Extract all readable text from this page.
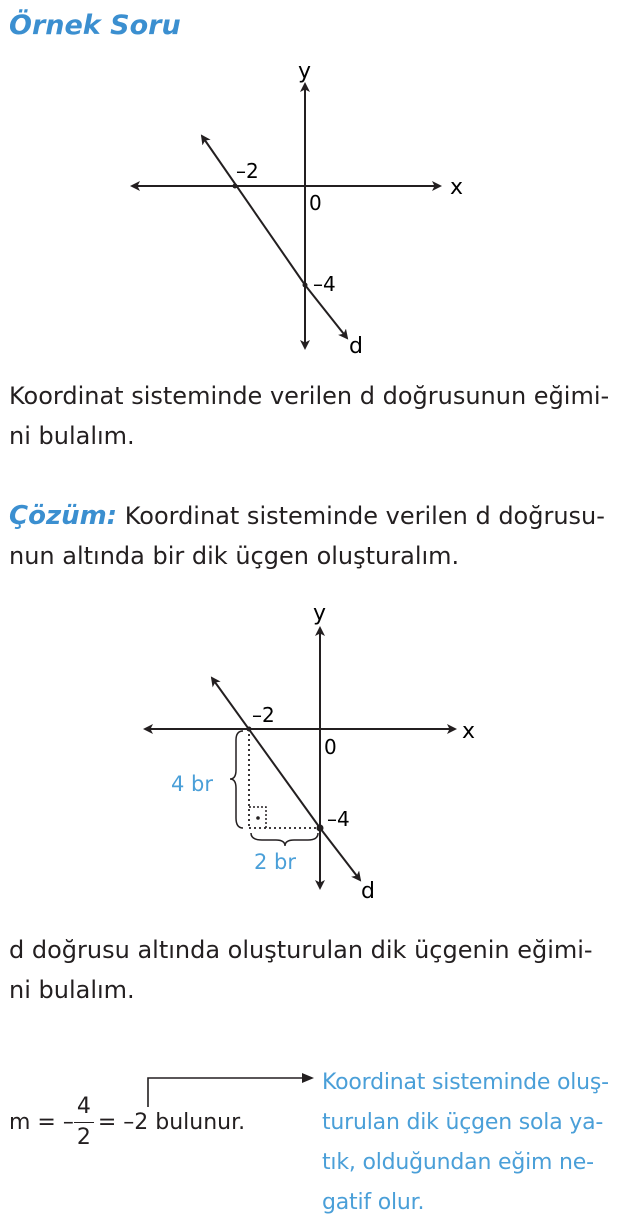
Örnek Soru
y
x
0
–2
–4
d
Koordinat sisteminde verilen d doğrusunun eğimi-
ni bulalım.
Çözüm: Koordinat sisteminde verilen d doğrusu-
nun altında bir dik üçgen oluşturalım.
y
x
0
–2
–4
d
4 br
2 br
d doğrusu altında oluşturulan dik üçgenin eğimi-
ni bulalım.
m = – $\frac{4}{2} = -2$ bulunur.
Koordinat sisteminde oluş-
turulan dik üçgen sola ya-
tık, olduğundan eğim ne-
gatif olur.
